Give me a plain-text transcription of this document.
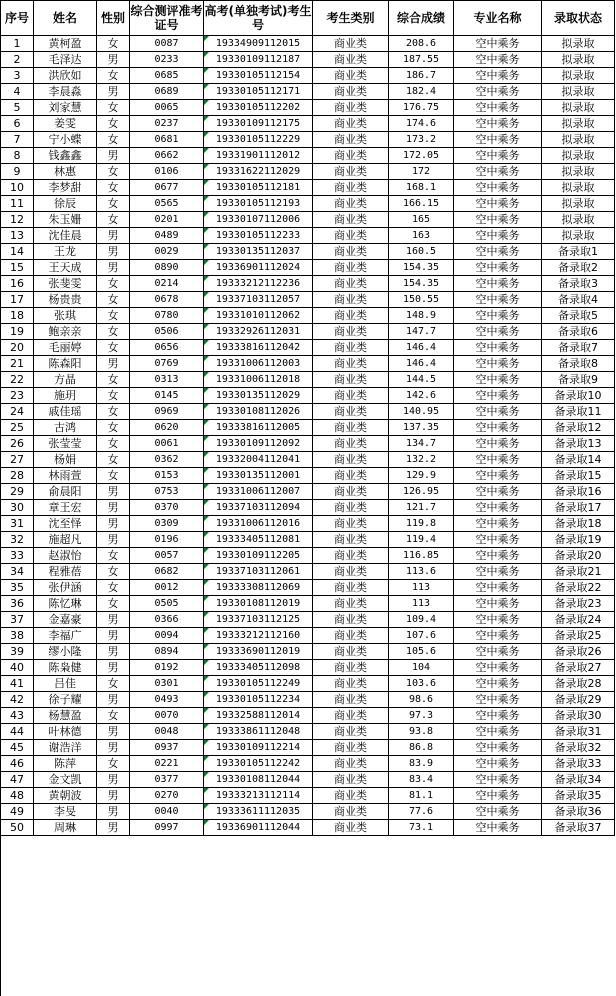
序号	姓名	性别	综合测评准考证号	高考(单独考试)考生号	考生类别	综合成绩	专业名称	录取状态
1	黄柯盈	女	0087	19334909112015	商业类	208.6	空中乘务	拟录取
2	毛泽达	男	0233	19330109112187	商业类	187.55	空中乘务	拟录取
3	洪欣如	女	0685	19330105112154	商业类	186.7	空中乘务	拟录取
4	李晨淼	男	0689	19330105112171	商业类	182.4	空中乘务	拟录取
5	刘家慧	女	0065	19330105112202	商业类	176.75	空中乘务	拟录取
6	姜雯	女	0237	19330109112175	商业类	174.6	空中乘务	拟录取
7	宁小蝶	女	0681	19330105112229	商业类	173.2	空中乘务	拟录取
8	钱鑫鑫	男	0662	19331901112012	商业类	172.05	空中乘务	拟录取
9	林惠	女	0106	19331622112029	商业类	172	空中乘务	拟录取
10	李梦甜	女	0677	19330105112181	商业类	168.1	空中乘务	拟录取
11	徐辰	女	0565	19330105112193	商业类	166.15	空中乘务	拟录取
12	朱玉姗	女	0201	19330107112006	商业类	165	空中乘务	拟录取
13	沈佳晨	男	0489	19330105112233	商业类	163	空中乘务	拟录取
14	王龙	男	0029	19330135112037	商业类	160.5	空中乘务	备录取1
15	王天成	男	0890	19336901112024	商业类	154.35	空中乘务	备录取2
16	张斐雯	女	0214	19333212112236	商业类	154.35	空中乘务	备录取3
17	杨贵贵	女	0678	19337103112057	商业类	150.55	空中乘务	备录取4
18	张琪	女	0780	19331010112062	商业类	148.9	空中乘务	备录取5
19	鲍亲亲	女	0506	19332926112031	商业类	147.7	空中乘务	备录取6
20	毛丽婷	女	0656	19333816112042	商业类	146.4	空中乘务	备录取7
21	陈森阳	男	0769	19331006112003	商业类	146.4	空中乘务	备录取8
22	方晶	女	0313	19331006112018	商业类	144.5	空中乘务	备录取9
23	施玥	女	0145	19330135112029	商业类	142.6	空中乘务	备录取10
24	戚佳瑶	女	0969	19330108112026	商业类	140.95	空中乘务	备录取11
25	古鸿	女	0620	19333816112005	商业类	137.35	空中乘务	备录取12
26	张莹莹	女	0061	19330109112092	商业类	134.7	空中乘务	备录取13
27	杨娟	女	0362	19332004112041	商业类	132.2	空中乘务	备录取14
28	林雨萱	女	0153	19330135112001	商业类	129.9	空中乘务	备录取15
29	俞晨阳	男	0753	19331006112007	商业类	126.95	空中乘务	备录取16
30	章王宏	男	0370	19337103112094	商业类	121.7	空中乘务	备录取17
31	沈至怿	男	0309	19331006112016	商业类	119.8	空中乘务	备录取18
32	施超凡	男	0196	19333405112081	商业类	119.4	空中乘务	备录取19
33	赵淑怡	女	0057	19330109112205	商业类	116.85	空中乘务	备录取20
34	程雅蓓	女	0682	19337103112061	商业类	113.6	空中乘务	备录取21
35	张伊涵	女	0012	19333308112069	商业类	113	空中乘务	备录取22
36	陈忆琳	女	0505	19330108112019	商业类	113	空中乘务	备录取23
37	金嘉豪	男	0366	19337103112125	商业类	109.4	空中乘务	备录取24
38	李福广	男	0094	19333212112160	商业类	107.6	空中乘务	备录取25
39	缪小隆	男	0894	19333690112019	商业类	105.6	空中乘务	备录取26
40	陈枭健	男	0192	19333405112098	商业类	104	空中乘务	备录取27
41	吕佳	女	0301	19330105112249	商业类	103.6	空中乘务	备录取28
42	徐子耀	男	0493	19330105112234	商业类	98.6	空中乘务	备录取29
43	杨慧盈	女	0070	19332588112014	商业类	97.3	空中乘务	备录取30
44	叶林德	男	0048	19333861112048	商业类	93.8	空中乘务	备录取31
45	谢浩洋	男	0937	19330109112214	商业类	86.8	空中乘务	备录取32
46	陈萍	女	0221	19330105112242	商业类	83.9	空中乘务	备录取33
47	金文凯	男	0377	19330108112044	商业类	83.4	空中乘务	备录取34
48	黄朝波	男	0270	19333213112114	商业类	81.1	空中乘务	备录取35
49	李旻	男	0040	19333611112035	商业类	77.6	空中乘务	备录取36
50	周琳	男	0997	19336901112044	商业类	73.1	空中乘务	备录取37
